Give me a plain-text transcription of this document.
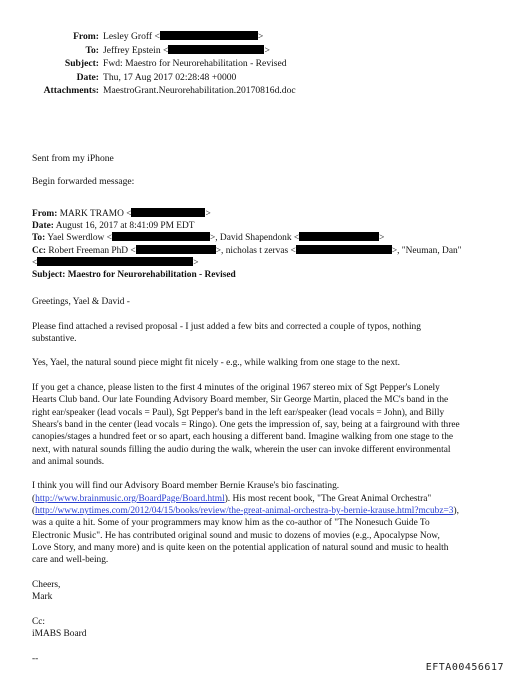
From: Lesley Groff <	>
To: Jeffrey Epstein <	>
Subject: Fwd: Maestro for Neurorehabilitation - Revised
Date: Thu, 17 Aug 2017 02:28:48 +0000
Attachments: MaestroGrant.Neurorehabilitation.20170816d.doc
Sent from my iPhone
Begin forwarded message:
From: MARK TRAMO <	>
Date: August 16, 2017 at 8:41:09 PM EDT
To: Yael Swerdlow <	>, David Shapendonk <	>
Cc: Robert Freeman PhD <	>, nicholas t zervas <	>, "Neuman, Dan"
<	>
Subject: Maestro for Neurorehabilitation - Revised

Greetings, Yael & David -

Please find attached a revised proposal - I just added a few bits and corrected a couple of typos, nothing substantive.

Yes, Yael, the natural sound piece might fit nicely - e.g., while walking from one stage to the next.

If you get a chance, please listen to the first 4 minutes of the original 1967 stereo mix of Sgt Pepper's Lonely Hearts Club band. Our late Founding Advisory Board member, Sir George Martin, placed the MC's band in the right ear/speaker (lead vocals = Paul), Sgt Pepper's band in the left ear/speaker (lead vocals = John), and Billy Shears's band in the center (lead vocals = Ringo). One gets the impression of, say, being at a fairground with three canopies/stages a hundred feet or so apart, each housing a different band. Imagine walking from one stage to the next, with natural sounds filling the audio during the walk, wherein the user can invoke different environmental and animal sounds.

I think you will find our Advisory Board member Bernie Krause's bio fascinating.
(http://www.brainmusic.org/BoardPage/Board.html). His most recent book, "The Great Animal Orchestra"
(http://www.nytimes.com/2012/04/15/books/review/the-great-animal-orchestra-by-bernie-krause.html?mcubz=3), was a quite a hit. Some of your programmers may know him as the co-author of "The Nonesuch Guide To Electronic Music". He has contributed original sound and music to dozens of movies (e.g., Apocalypse Now, Love Story, and many more) and is quite keen on the potential application of natural sound and music to health care and well-being.

Cheers,
Mark

Cc:
iMABS Board

--

EFTA00456617
